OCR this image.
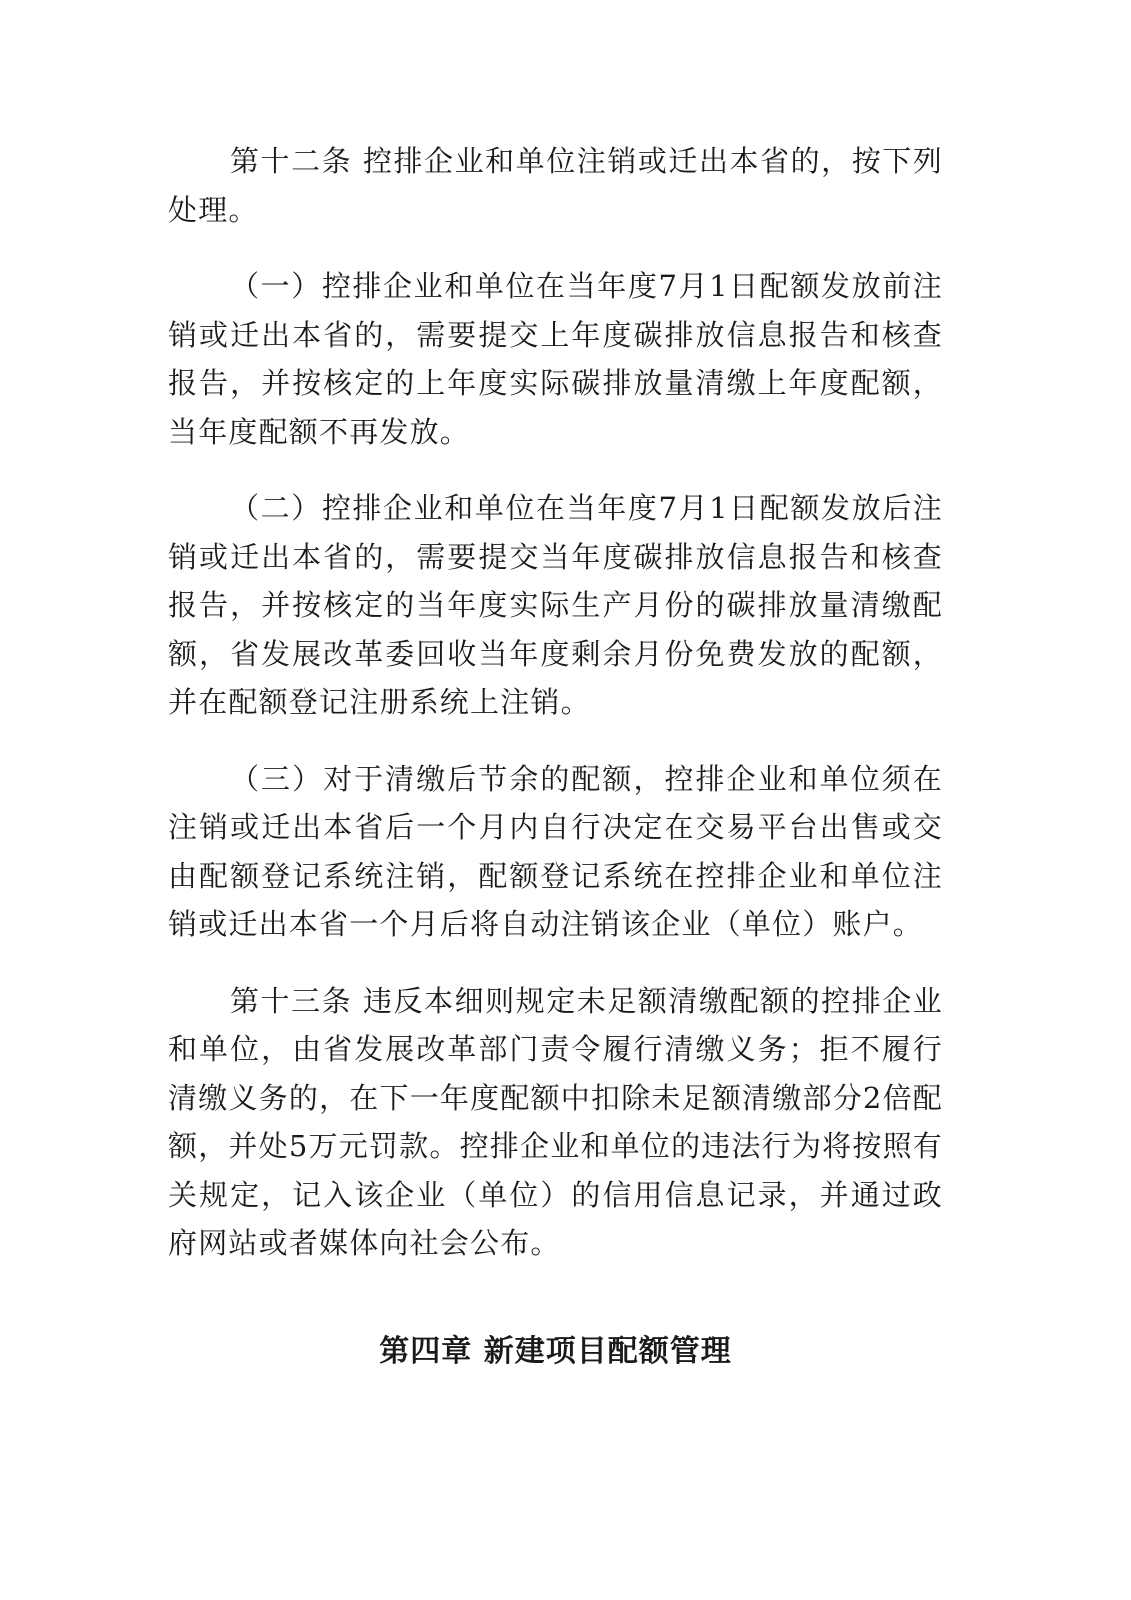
第十二条 控排企业和单位注销或迁出本省的，按下列处理。

（一）控排企业和单位在当年度7月1日配额发放前注销或迁出本省的，需要提交上年度碳排放信息报告和核查报告，并按核定的上年度实际碳排放量清缴上年度配额，当年度配额不再发放。

（二）控排企业和单位在当年度7月1日配额发放后注销或迁出本省的，需要提交当年度碳排放信息报告和核查报告，并按核定的当年度实际生产月份的碳排放量清缴配额，省发展改革委回收当年度剩余月份免费发放的配额，并在配额登记注册系统上注销。

（三）对于清缴后节余的配额，控排企业和单位须在注销或迁出本省后一个月内自行决定在交易平台出售或交由配额登记系统注销，配额登记系统在控排企业和单位注销或迁出本省一个月后将自动注销该企业（单位）账户。

第十三条 违反本细则规定未足额清缴配额的控排企业和单位，由省发展改革部门责令履行清缴义务；拒不履行清缴义务的，在下一年度配额中扣除未足额清缴部分2倍配额，并处5万元罚款。控排企业和单位的违法行为将按照有关规定，记入该企业（单位）的信用信息记录，并通过政府网站或者媒体向社会公布。

第四章 新建项目配额管理
